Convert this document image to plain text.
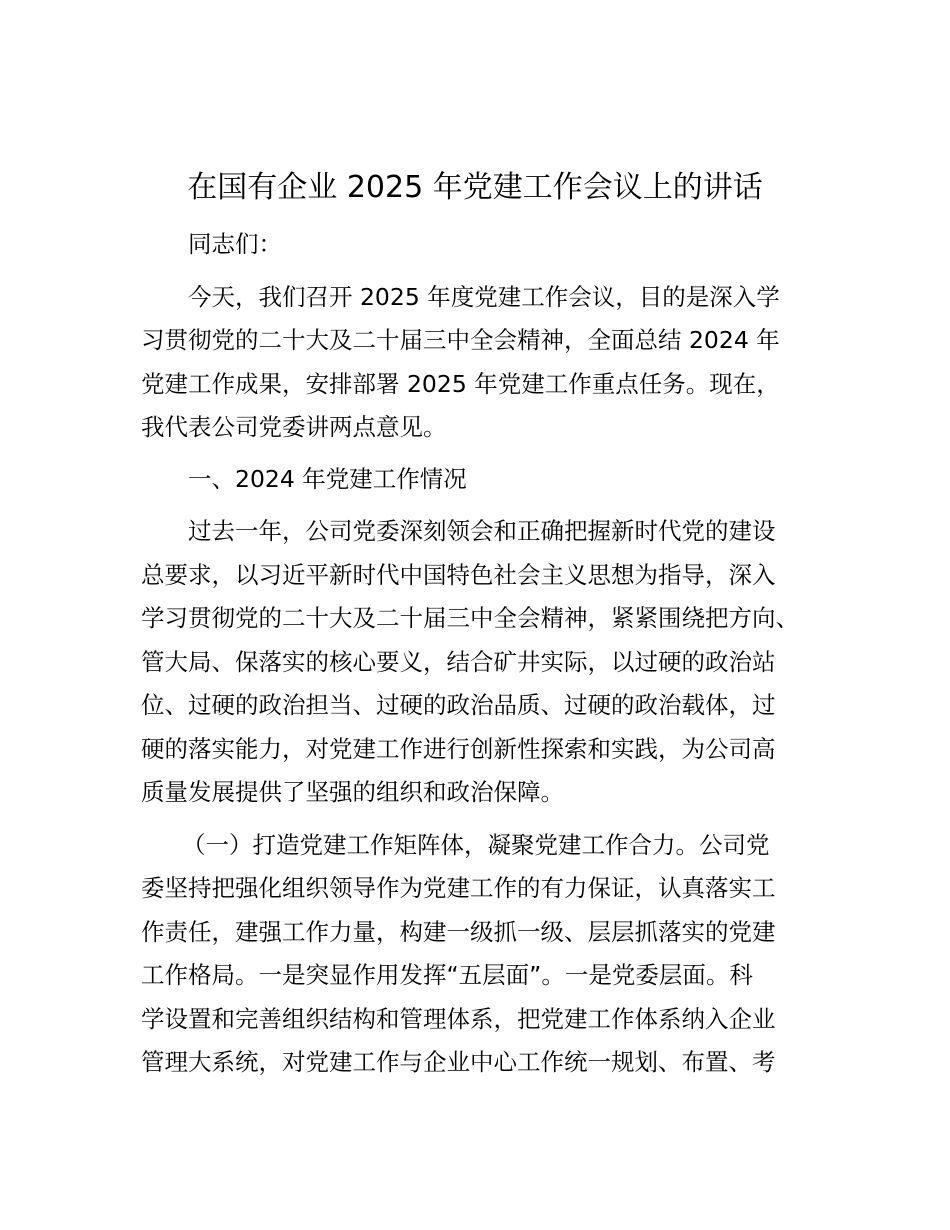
在国有企业 2025 年党建工作会议上的讲话
同志们：
今天，我们召开 2025 年度党建工作会议，目的是深入学
习贯彻党的二十大及二十届三中全会精神，全面总结 2024 年
党建工作成果，安排部署 2025 年党建工作重点任务。现在，
我代表公司党委讲两点意见。
一、2024 年党建工作情况
过去一年，公司党委深刻领会和正确把握新时代党的建设
总要求，以习近平新时代中国特色社会主义思想为指导，深入
学习贯彻党的二十大及二十届三中全会精神，紧紧围绕把方向、
管大局、保落实的核心要义，结合矿井实际，以过硬的政治站
位、过硬的政治担当、过硬的政治品质、过硬的政治载体，过
硬的落实能力，对党建工作进行创新性探索和实践，为公司高
质量发展提供了坚强的组织和政治保障。
（一）打造党建工作矩阵体，凝聚党建工作合力。公司党
委坚持把强化组织领导作为党建工作的有力保证，认真落实工
作责任，建强工作力量，构建一级抓一级、层层抓落实的党建
工作格局。一是突显作用发挥“五层面”。一是党委层面。科
学设置和完善组织结构和管理体系，把党建工作体系纳入企业
管理大系统，对党建工作与企业中心工作统一规划、布置、考
